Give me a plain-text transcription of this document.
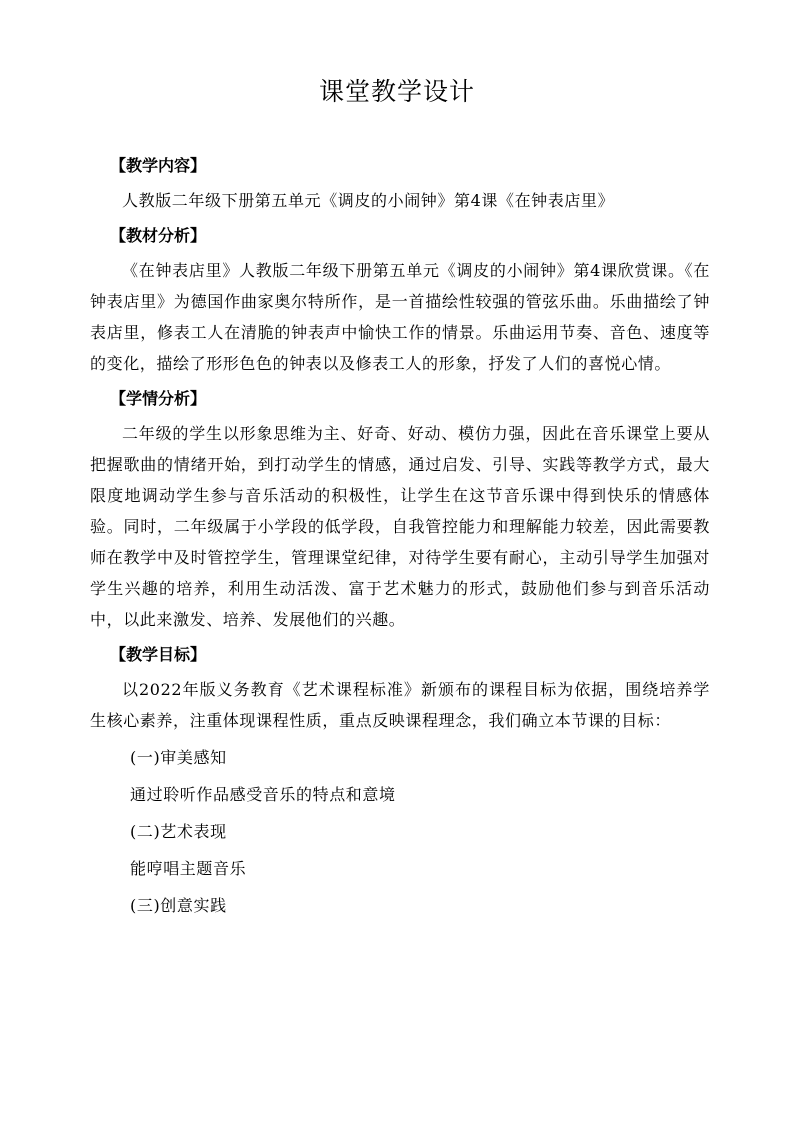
课堂教学设计

【教学内容】

人教版二年级下册第五单元《调皮的小闹钟》第4课《在钟表店里》

【教材分析】

《在钟表店里》人教版二年级下册第五单元《调皮的小闹钟》第4课欣赏课。《在钟表店里》为德国作曲家奥尔特所作，是一首描绘性较强的管弦乐曲。乐曲描绘了钟表店里，修表工人在清脆的钟表声中愉快工作的情景。乐曲运用节奏、音色、速度等的变化，描绘了形形色色的钟表以及修表工人的形象，抒发了人们的喜悦心情。

【学情分析】

二年级的学生以形象思维为主、好奇、好动、模仿力强，因此在音乐课堂上要从把握歌曲的情绪开始，到打动学生的情感，通过启发、引导、实践等教学方式，最大限度地调动学生参与音乐活动的积极性，让学生在这节音乐课中得到快乐的情感体验。同时，二年级属于小学段的低学段，自我管控能力和理解能力较差，因此需要教师在教学中及时管控学生，管理课堂纪律，对待学生要有耐心，主动引导学生加强对学生兴趣的培养，利用生动活泼、富于艺术魅力的形式，鼓励他们参与到音乐活动中，以此来激发、培养、发展他们的兴趣。

【教学目标】

以2022年版义务教育《艺术课程标准》新颁布的课程目标为依据，围绕培养学生核心素养，注重体现课程性质，重点反映课程理念，我们确立本节课的目标：

(一)审美感知

通过聆听作品感受音乐的特点和意境

(二)艺术表现

能哼唱主题音乐

(三)创意实践
